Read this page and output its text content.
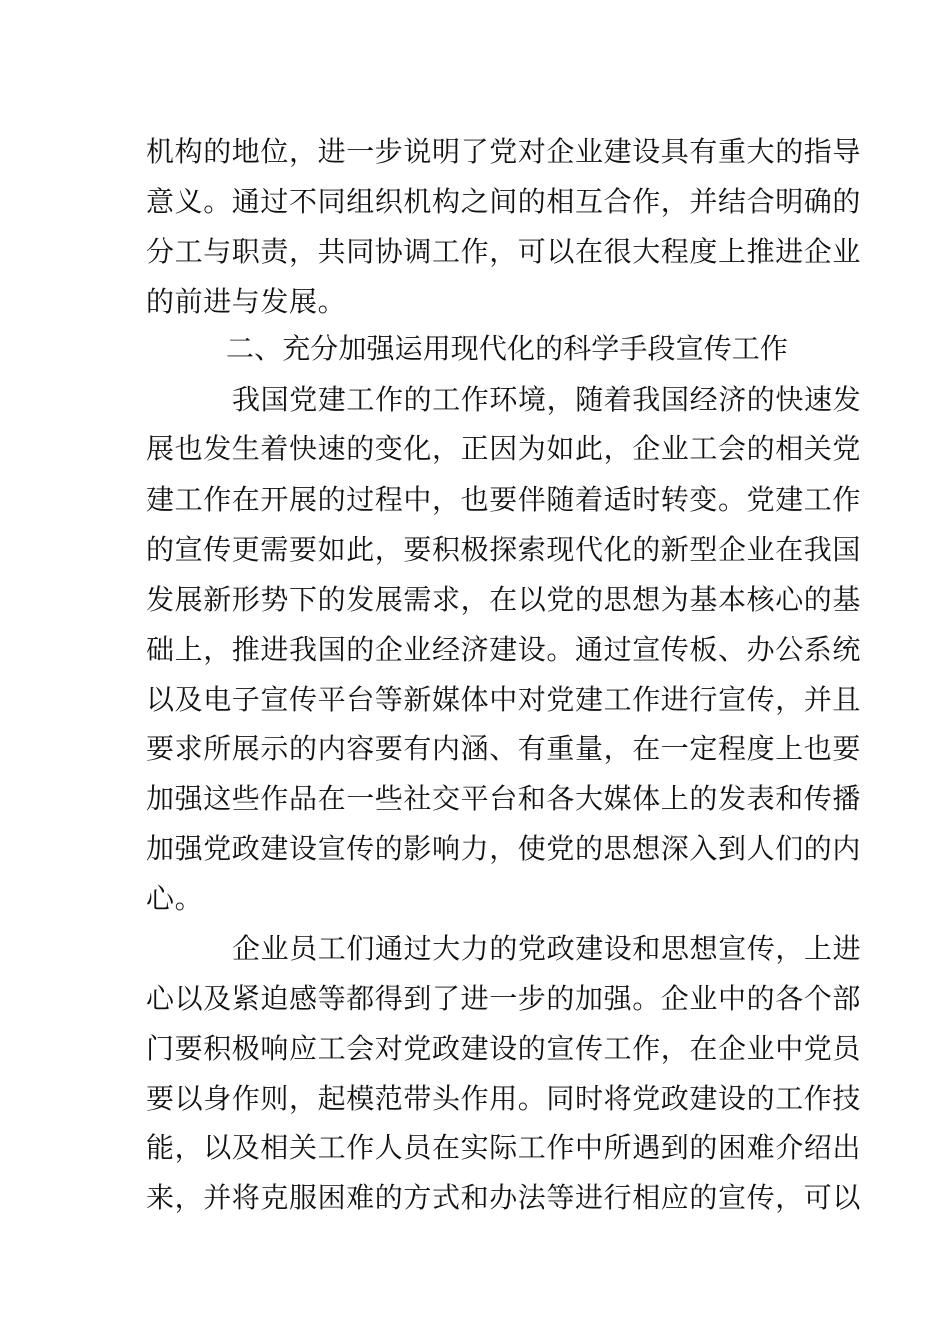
机构的地位，进一步说明了党对企业建设具有重大的指导
意义。通过不同组织机构之间的相互合作，并结合明确的
分工与职责，共同协调工作，可以在很大程度上推进企业
的前进与发展。
二、充分加强运用现代化的科学手段宣传工作
我国党建工作的工作环境，随着我国经济的快速发
展也发生着快速的变化，正因为如此，企业工会的相关党
建工作在开展的过程中，也要伴随着适时转变。党建工作
的宣传更需要如此，要积极探索现代化的新型企业在我国
发展新形势下的发展需求，在以党的思想为基本核心的基
础上，推进我国的企业经济建设。通过宣传板、办公系统
以及电子宣传平台等新媒体中对党建工作进行宣传，并且
要求所展示的内容要有内涵、有重量，在一定程度上也要
加强这些作品在一些社交平台和各大媒体上的发表和传播
加强党政建设宣传的影响力，使党的思想深入到人们的内
心。
企业员工们通过大力的党政建设和思想宣传，上进
心以及紧迫感等都得到了进一步的加强。企业中的各个部
门要积极响应工会对党政建设的宣传工作，在企业中党员
要以身作则，起模范带头作用。同时将党政建设的工作技
能，以及相关工作人员在实际工作中所遇到的困难介绍出
来，并将克服困难的方式和办法等进行相应的宣传，可以
